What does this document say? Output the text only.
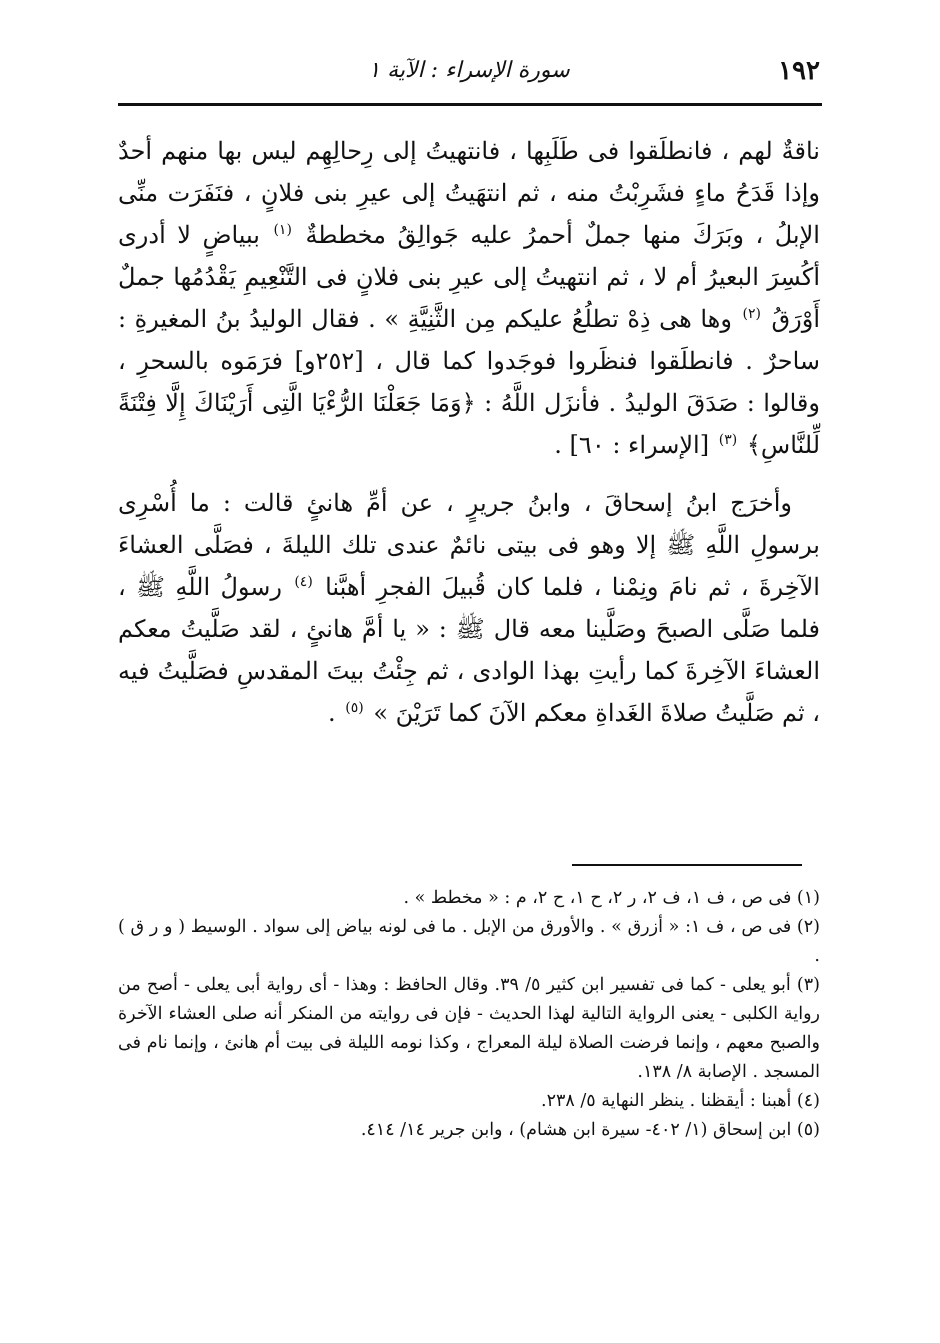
١٩٢
سورة الإسراء : الآية ١

ناقةٌ لهم ، فانطلَقوا فى طَلَبِها ، فانتهيتُ إلى رِحالِهِم ليس بها منهم أحدٌ وإذا قَدَحُ ماءٍ فشَرِبْتُ منه ، ثم انتهَيتُ إلى عيرِ بنى فلانٍ ، فنَفَرَت منِّى الإبلُ ، وبَرَكَ منها جملٌ أحمرُ عليه جَوالِقُ مخططةٌ $^{(١)}$ ببياضٍ لا أدرى أكُسِرَ البعيرُ أم لا ، ثم انتهيتُ إلى عيرِ بنى فلانٍ فى التَّنْعِيمِ يَقْدُمُها جملٌ أَوْرَقُ $^{(٢)}$ وها هى ذِهْ تطلُعُ عليكم مِن الثَّنِيَّةِ » . فقال الوليدُ بنُ المغيرةِ : ساحرٌ . فانطلَقوا فنظَروا فوجَدوا كما قال ، [٢٥٢و] فرَمَوه بالسحرِ ، وقالوا : صَدَقَ الوليدُ . فأنزَل اللَّهُ : ﴿وَمَا جَعَلْنَا الرُّءْيَا الَّتِى أَرَيْنَاكَ إِلَّا فِتْنَةً لِّلنَّاسِ﴾ $^{(٣)}$ [الإسراء : ٦٠] .

وأخرَج ابنُ إسحاقَ ، وابنُ جريرٍ ، عن أمِّ هانئٍ قالت : ما أُسْرِى برسولِ اللَّهِ ﷺ إلا وهو فى بيتى نائمٌ عندى تلك الليلةَ ، فصَلَّى العشاءَ الآخِرةَ ، ثم نامَ ونِمْنا ، فلما كان قُبيلَ الفجرِ أهبَّنا $^{(٤)}$ رسولُ اللَّهِ ﷺ ، فلما صَلَّى الصبحَ وصَلَّينا معه قال ﷺ : « يا أمَّ هانئٍ ، لقد صَلَّيتُ معكم العشاءَ الآخِرةَ كما رأيتِ بهذا الوادى ، ثم جِئْتُ بيتَ المقدسِ فصَلَّيتُ فيه ، ثم صَلَّيتُ صلاةَ الغَداةِ معكم الآنَ كما تَرَيْنَ » $^{(٥)}$ .

(١) فى ص ، ف ١، ف ٢، ر ٢، ح ١، ح ٢، م : « مخطط » .

(٢) فى ص ، ف ١: « أزرق » . والأورق من الإبل . ما فى لونه بياض إلى سواد . الوسيط ( و ر ق ) .

(٣) أبو يعلى - كما فى تفسير ابن كثير ٥/ ٣٩. وقال الحافظ : وهذا - أى رواية أبى يعلى - أصح من رواية الكلبى - يعنى الرواية التالية لهذا الحديث - فإن فى روايته من المنكر أنه صلى العشاء الآخرة والصبح معهم ، وإنما فرضت الصلاة ليلة المعراج ، وكذا نومه الليلة فى بيت أم هانئ ، وإنما نام فى المسجد . الإصابة ٨/ ١٣٨.

(٤) أهبنا : أيقظنا . ينظر النهاية ٥/ ٢٣٨.

(٥) ابن إسحاق (١/ ٤٠٢- سيرة ابن هشام) ، وابن جرير ١٤/ ٤١٤.
